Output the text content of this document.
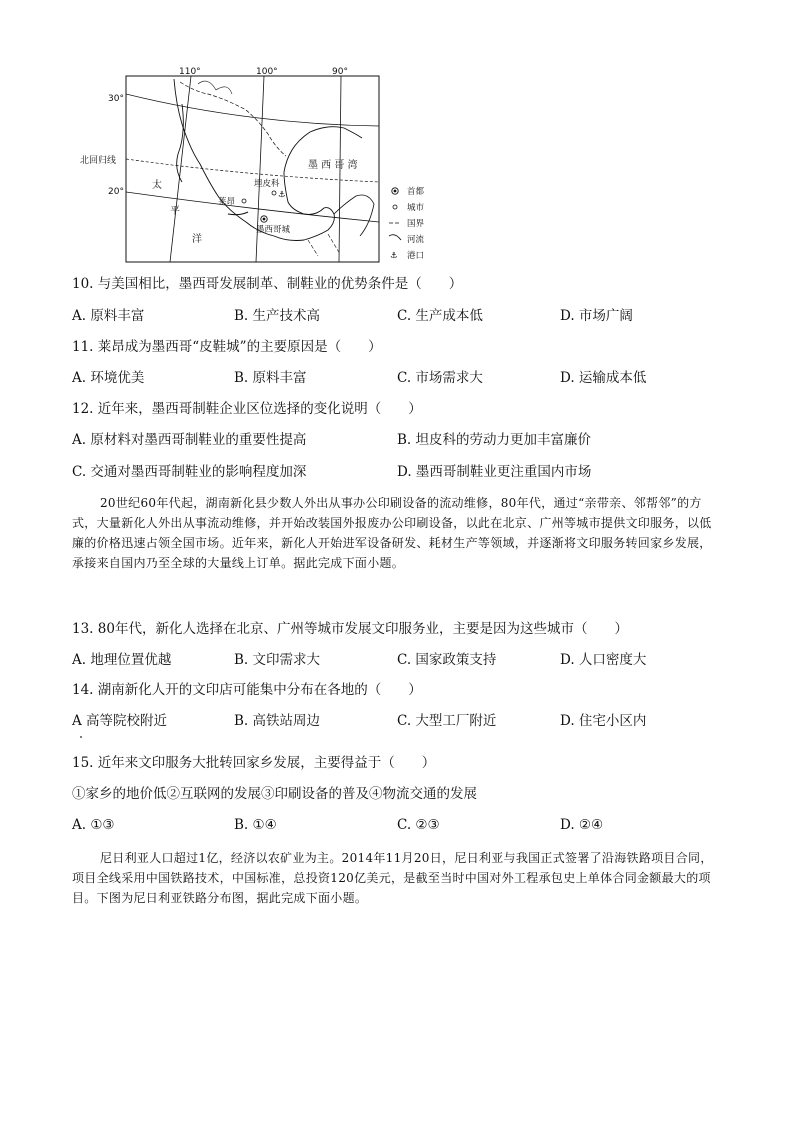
110°	100°	90°
30°
北回归线
20°
墨 西 哥 湾
太
平
洋
坦皮科
⚓
莱昂
墨西哥城
首都
城市
国界
河流
⚓ 港口
10. 与美国相比，墨西哥发展制革、制鞋业的优势条件是（　　）
A. 原料丰富	B. 生产技术高	C. 生产成本低	D. 市场广阔
11. 莱昂成为墨西哥“皮鞋城”的主要原因是（　　）
A. 环境优美	B. 原料丰富	C. 市场需求大	D. 运输成本低
12. 近年来，墨西哥制鞋企业区位选择的变化说明（　　）
A. 原材料对墨西哥制鞋业的重要性提高	B. 坦皮科的劳动力更加丰富廉价
C. 交通对墨西哥制鞋业的影响程度加深	D. 墨西哥制鞋业更注重国内市场
20世纪60年代起，湖南新化县少数人外出从事办公印刷设备的流动维修，80年代，通过“亲带亲、邻帮邻”的方式，大量新化人外出从事流动维修，并开始改装国外报废办公印刷设备，以此在北京、广州等城市提供文印服务，以低廉的价格迅速占领全国市场。近年来，新化人开始进军设备研发、耗材生产等领域，并逐渐将文印服务转回家乡发展，承接来自国内乃至全球的大量线上订单。据此完成下面小题。
13. 80年代，新化人选择在北京、广州等城市发展文印服务业，主要是因为这些城市（　　）
A. 地理位置优越	B. 文印需求大	C. 国家政策支持	D. 人口密度大
14. 湖南新化人开的文印店可能集中分布在各地的（　　）
A 高等院校附近	B. 高铁站周边	C. 大型工厂附近	D. 住宅小区内
15. 近年来文印服务大批转回家乡发展，主要得益于（　　）
①家乡的地价低②互联网的发展③印刷设备的普及④物流交通的发展
A. ①③	B. ①④	C. ②③	D. ②④
尼日利亚人口超过1亿，经济以农矿业为主。2014年11月20日，尼日利亚与我国正式签署了沿海铁路项目合同，项目全线采用中国铁路技术，中国标准，总投资120亿美元，是截至当时中国对外工程承包史上单体合同金额最大的项目。下图为尼日利亚铁路分布图，据此完成下面小题。
